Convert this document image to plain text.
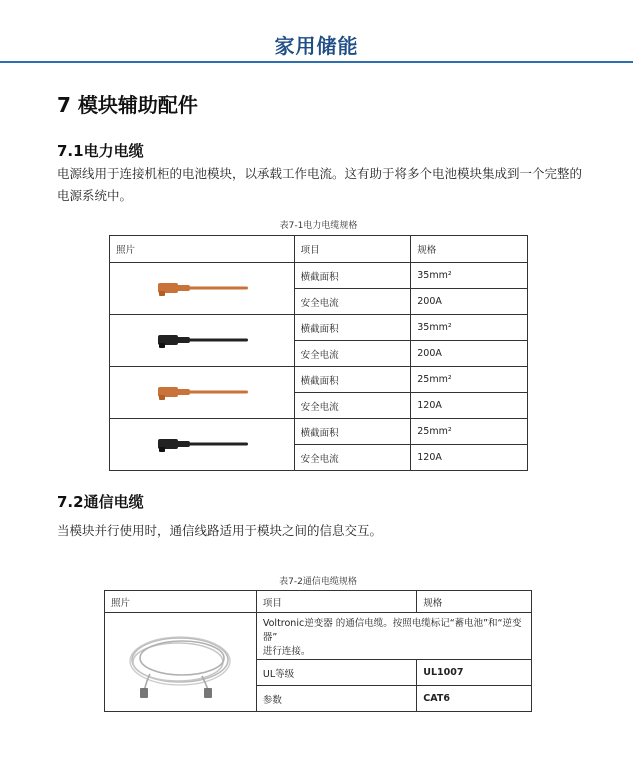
家用储能
7 模块辅助配件
7.1电力电缆
电源线用于连接机柜的电池模块，以承载工作电流。这有助于将多个电池模块集成到一个完整的
电源系统中。
表7-1电力电缆规格
照片	项目	规格

	横截面积	35mm²
	安全电流	200A

	横截面积	35mm²
	安全电流	200A

	横截面积	25mm²
	安全电流	120A

	横截面积	25mm²
	安全电流	120A
7.2通信电缆
当模块并行使用时，通信线路适用于模块之间的信息交互。
表7-2通信电缆规格
照片	项目	规格

Voltronic逆变器 的通信电缆。按照电缆标记“蓄电池”和“逆变器”
进行连接。	

	UL等级	UL1007
	参数	CAT6
